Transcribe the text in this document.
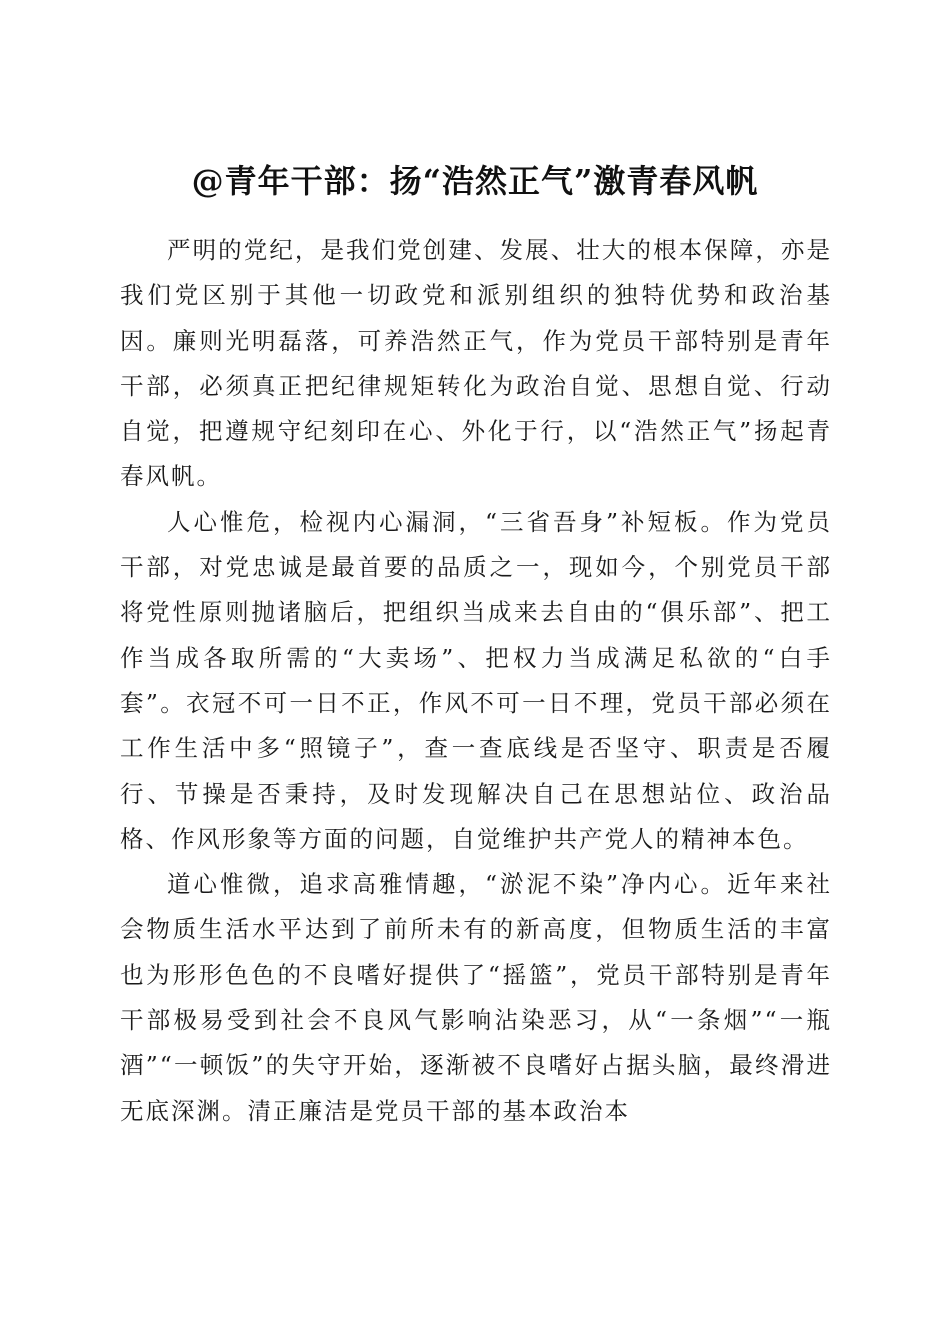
@青年干部：扬“浩然正气”激青春风帆

严明的党纪，是我们党创建、发展、壮大的根本保障，亦是我们党区别于其他一切政党和派别组织的独特优势和政治基因。廉则光明磊落，可养浩然正气，作为党员干部特别是青年干部，必须真正把纪律规矩转化为政治自觉、思想自觉、行动自觉，把遵规守纪刻印在心、外化于行，以“浩然正气”扬起青春风帆。

人心惟危，检视内心漏洞，“三省吾身”补短板。作为党员干部，对党忠诚是最首要的品质之一，现如今，个别党员干部将党性原则抛诸脑后，把组织当成来去自由的“俱乐部”、把工作当成各取所需的“大卖场”、把权力当成满足私欲的“白手套”。衣冠不可一日不正，作风不可一日不理，党员干部必须在工作生活中多“照镜子”，查一查底线是否坚守、职责是否履行、节操是否秉持，及时发现解决自己在思想站位、政治品格、作风形象等方面的问题，自觉维护共产党人的精神本色。

道心惟微，追求高雅情趣，“淤泥不染”净内心。近年来社会物质生活水平达到了前所未有的新高度，但物质生活的丰富也为形形色色的不良嗜好提供了“摇篮”，党员干部特别是青年干部极易受到社会不良风气影响沾染恶习，从“一条烟”“一瓶酒”“一顿饭”的失守开始，逐渐被不良嗜好占据头脑，最终滑进无底深渊。清正廉洁是党员干部的基本政治本
